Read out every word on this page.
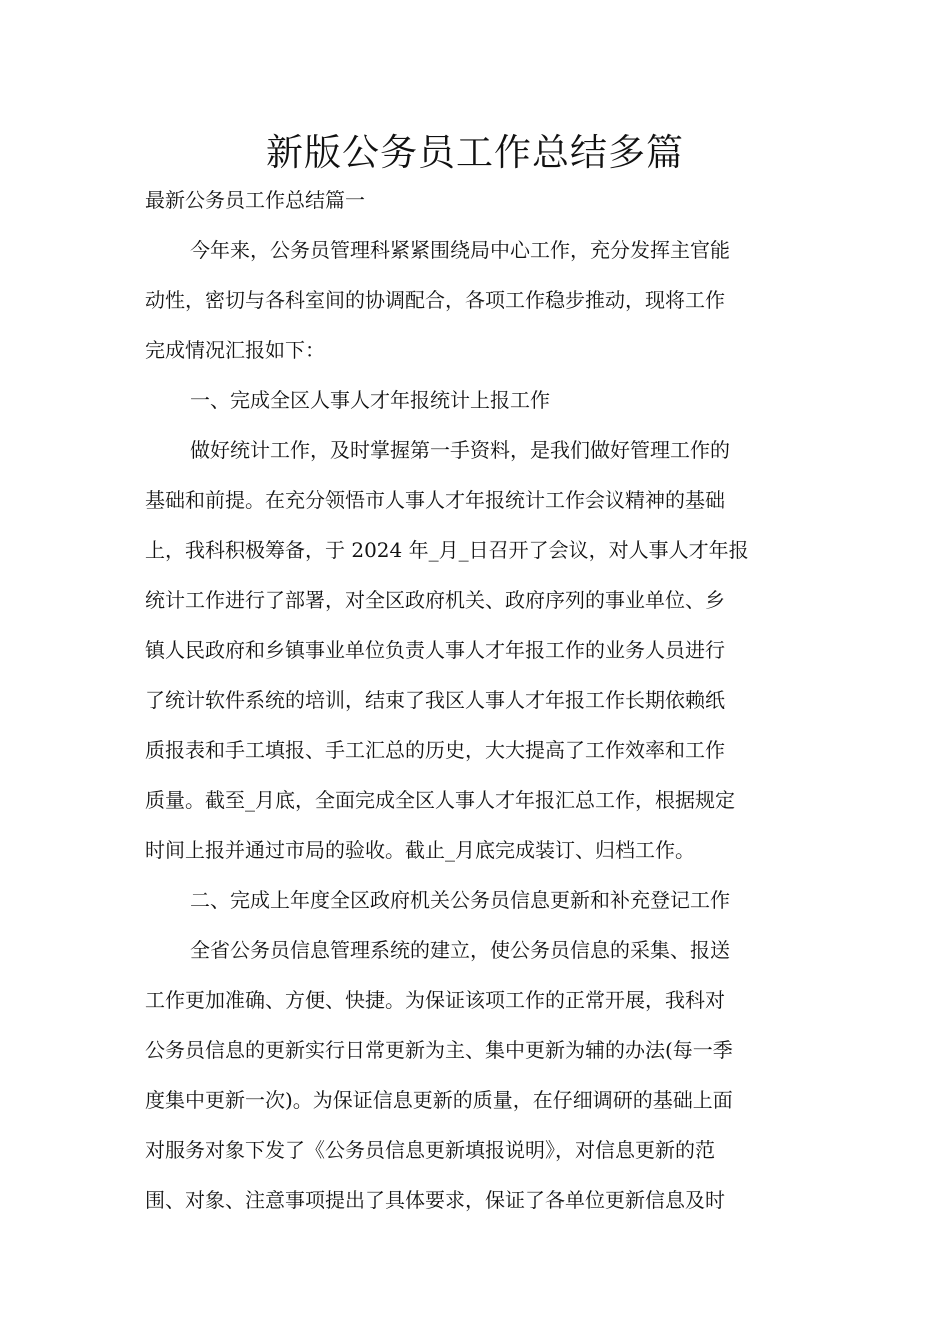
新版公务员工作总结多篇

最新公务员工作总结篇一

今年来，公务员管理科紧紧围绕局中心工作，充分发挥主官能

动性，密切与各科室间的协调配合，各项工作稳步推动，现将工作

完成情况汇报如下：

一、完成全区人事人才年报统计上报工作

做好统计工作，及时掌握第一手资料，是我们做好管理工作的

基础和前提。在充分领悟市人事人才年报统计工作会议精神的基础

上，我科积极筹备，于 2024 年_月_日召开了会议，对人事人才年报

统计工作进行了部署，对全区政府机关、政府序列的事业单位、乡

镇人民政府和乡镇事业单位负责人事人才年报工作的业务人员进行

了统计软件系统的培训，结束了我区人事人才年报工作长期依赖纸

质报表和手工填报、手工汇总的历史，大大提高了工作效率和工作

质量。截至_月底，全面完成全区人事人才年报汇总工作，根据规定

时间上报并通过市局的验收。截止_月底完成装订、归档工作。

二、完成上年度全区政府机关公务员信息更新和补充登记工作

全省公务员信息管理系统的建立，使公务员信息的采集、报送

工作更加准确、方便、快捷。为保证该项工作的正常开展，我科对

公务员信息的更新实行日常更新为主、集中更新为辅的办法(每一季

度集中更新一次)。为保证信息更新的质量，在仔细调研的基础上面

对服务对象下发了《公务员信息更新填报说明》，对信息更新的范

围、对象、注意事项提出了具体要求，保证了各单位更新信息及时
